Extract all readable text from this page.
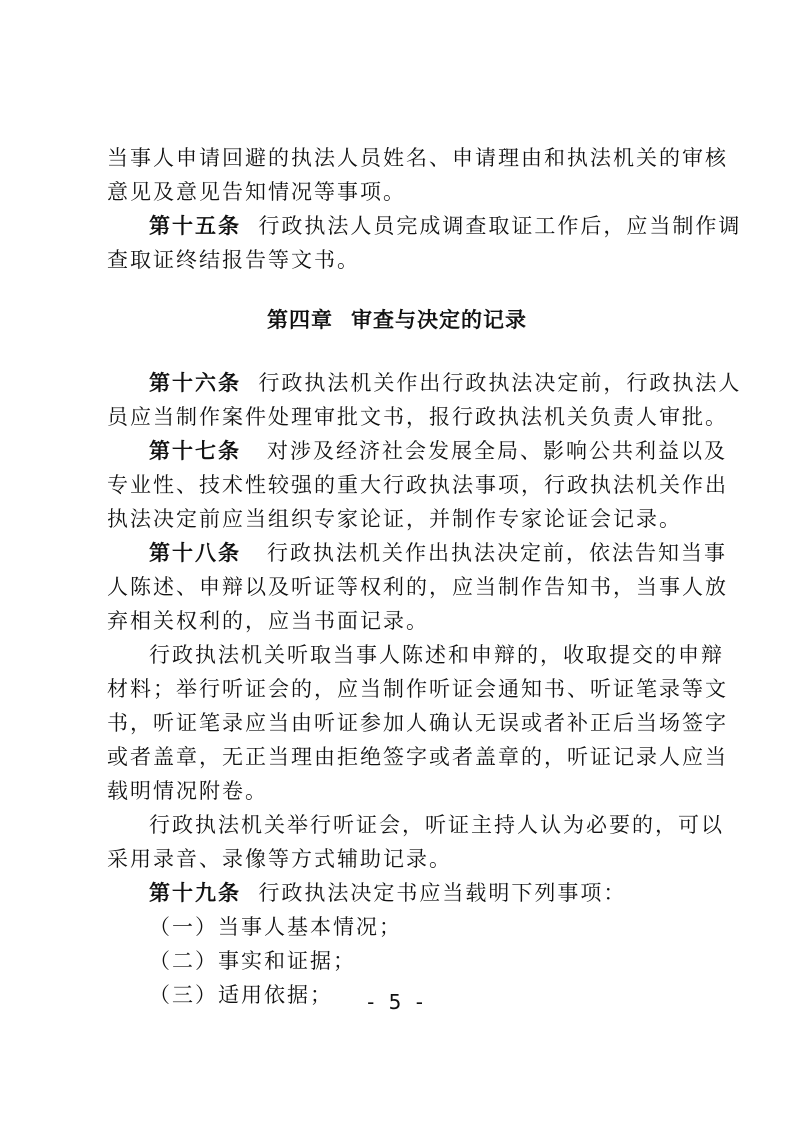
当事人申请回避的执法人员姓名、申请理由和执法机关的审核
意见及意见告知情况等事项。
第十五条 行政执法人员完成调查取证工作后，应当制作调
查取证终结报告等文书。
第四章 审查与决定的记录
第十六条 行政执法机关作出行政执法决定前，行政执法人
员应当制作案件处理审批文书，报行政执法机关负责人审批。
第十七条 对涉及经济社会发展全局、影响公共利益以及
专业性、技术性较强的重大行政执法事项，行政执法机关作出
执法决定前应当组织专家论证，并制作专家论证会记录。
第十八条 行政执法机关作出执法决定前，依法告知当事
人陈述、申辩以及听证等权利的，应当制作告知书，当事人放
弃相关权利的，应当书面记录。
行政执法机关听取当事人陈述和申辩的，收取提交的申辩
材料；举行听证会的，应当制作听证会通知书、听证笔录等文
书，听证笔录应当由听证参加人确认无误或者补正后当场签字
或者盖章，无正当理由拒绝签字或者盖章的，听证记录人应当
载明情况附卷。
行政执法机关举行听证会，听证主持人认为必要的，可以
采用录音、录像等方式辅助记录。
第十九条 行政执法决定书应当载明下列事项：
（一）当事人基本情况；
（二）事实和证据；
（三）适用依据；	- 5 -
